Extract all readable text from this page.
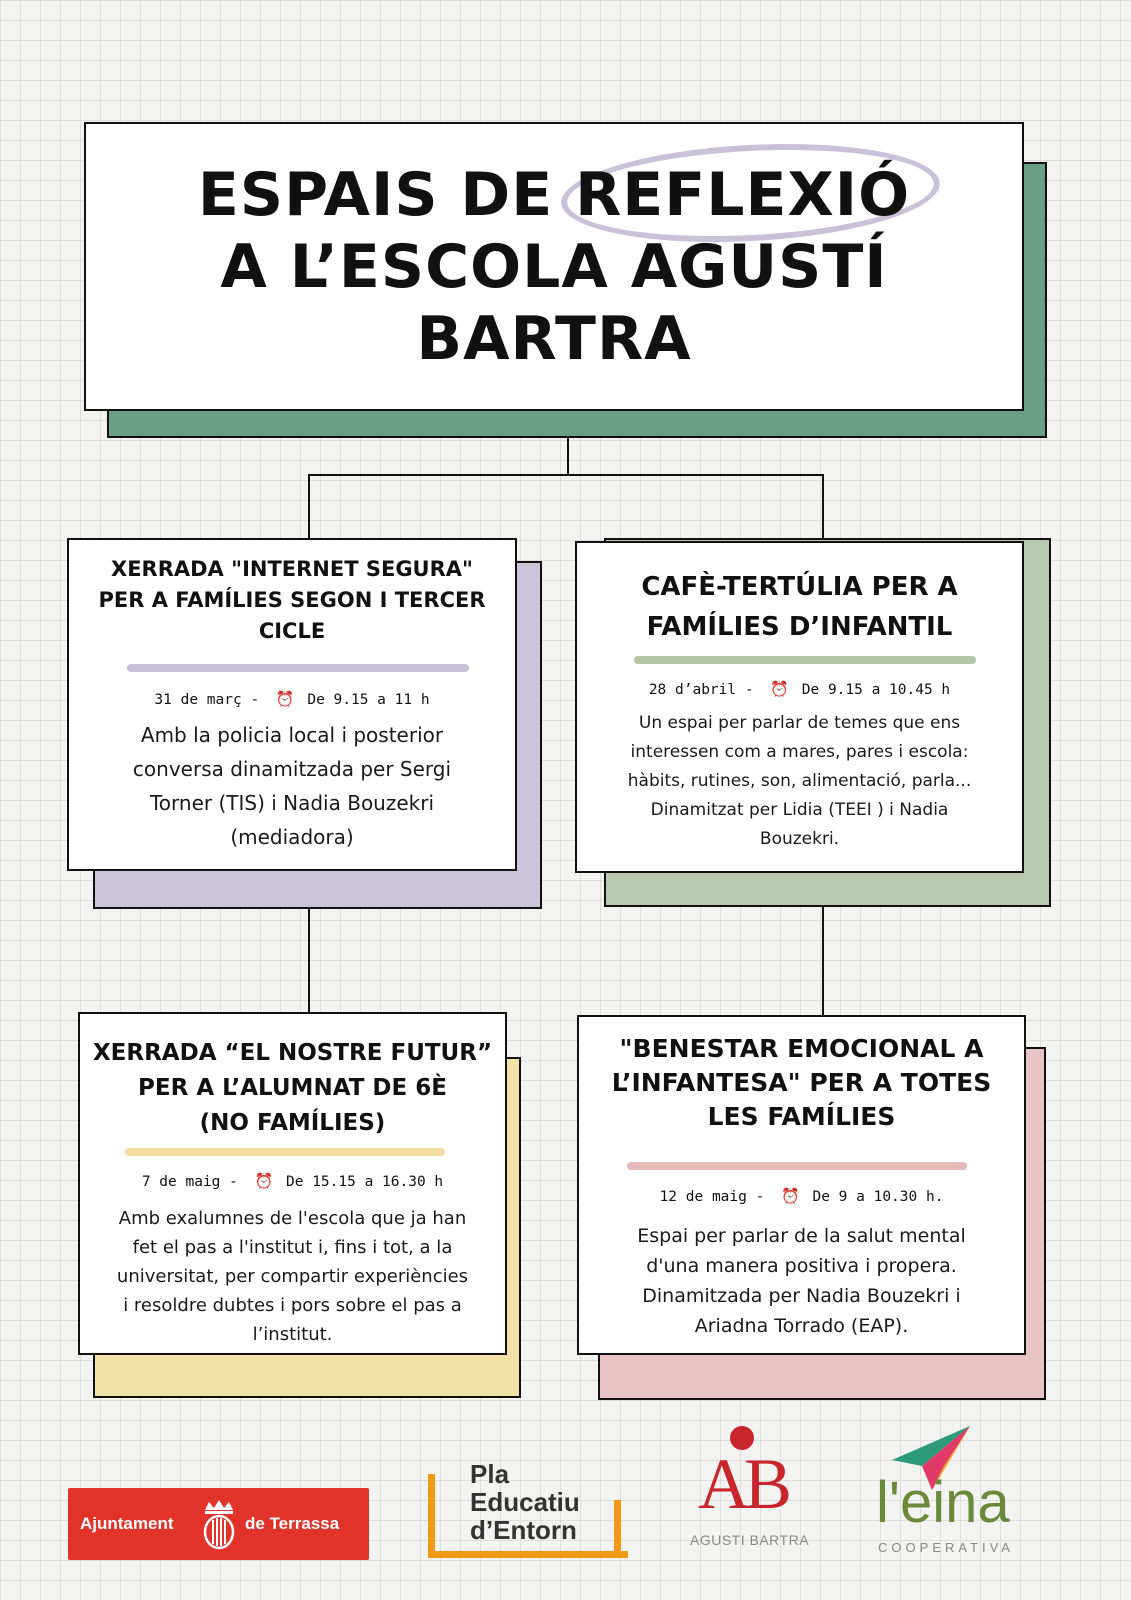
ESPAIS DE REFLEXIÓ
A L’ESCOLA AGUSTÍ
BARTRA
XERRADA "INTERNET SEGURA"
PER A FAMÍLIES SEGON I TERCER
CICLE
31 de març - ⏰ De 9.15 a 11 h

Amb la policia local i posterior
conversa dinamitzada per Sergi
Torner (TIS) i Nadia Bouzekri
(mediadora)

CAFÈ-TERTÚLIA PER A
FAMÍLIES D’INFANTIL
28 d’abril - ⏰ De 9.15 a 10.45 h

Un espai per parlar de temes que ens
interessen com a mares, pares i escola:
hàbits, rutines, son, alimentació, parla...
Dinamitzat per Lidia (TEEI ) i Nadia
Bouzekri.

XERRADA “EL NOSTRE FUTUR”
PER A L’ALUMNAT DE 6È
(NO FAMÍLIES)
7 de maig - ⏰ De 15.15 a 16.30 h

Amb exalumnes de l'escola que ja han
fet el pas a l'institut i, fins i tot, a la
universitat, per compartir experiències
i resoldre dubtes i pors sobre el pas a
l’institut.

"BENESTAR EMOCIONAL A
L’INFANTESA" PER A TOTES
LES FAMÍLIES
12 de maig - ⏰ De 9 a 10.30 h.

Espai per parlar de la salut mental
d'una manera positiva i propera.
Dinamitzada per Nadia Bouzekri i
Ariadna Torrado (EAP).

Ajuntament	de Terrassa
Pla
Educatiu
d’Entorn
AB
AGUSTI BARTRA
l'eina
COOPERATIVA
